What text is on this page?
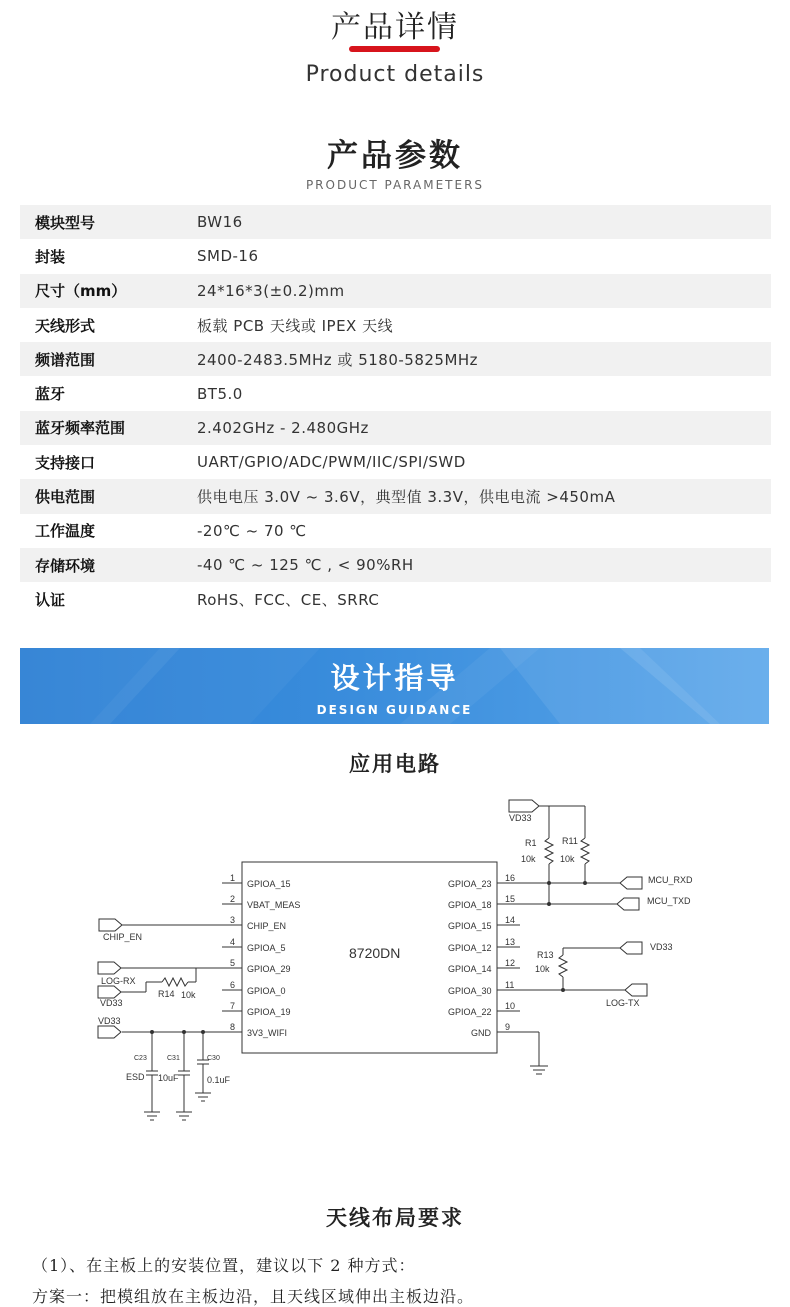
产品详情
Product details
产品参数
PRODUCT PARAMETERS
模块型号	BW16
封装	SMD-16
尺寸（mm）	24*16*3(±0.2)mm
天线形式	板载 PCB 天线或 IPEX 天线
频谱范围	2400-2483.5MHz 或 5180-5825MHz
蓝牙	BT5.0
蓝牙频率范围	2.402GHz - 2.480GHz
支持接口	UART/GPIO/ADC/PWM/IIC/SPI/SWD
供电范围	供电电压 3.0V ~ 3.6V，典型值 3.3V，供电电流 >450mA
工作温度	-20℃ ~ 70 ℃
存储环境	-40 ℃ ~ 125 ℃ , < 90%RH
认证	RoHS、FCC、CE、SRRC
设计指导
DESIGN GUIDANCE
应用电路
8720DN
1
2
3
4
5
6
7
8
GPIOA_15
VBAT_MEAS
CHIP_EN
GPIOA_5
GPIOA_29
GPIOA_0
GPIOA_19
3V3_WIFI
16
15
14
13
12
11
10
9
GPIOA_23
GPIOA_18
GPIOA_15
GPIOA_12
GPIOA_14
GPIOA_30
GPIOA_22
GND
VD33
R1
10k
R11
10k
MCU_RXD
MCU_TXD
VD33
R13
10k
LOG-TX
CHIP_EN
LOG-RX
VD33
R14 10k
VD33
C23	C31	C30
ESD 10uF	0.1uF
天线布局要求
（1）、在主板上的安装位置，建议以下 2 种方式：
方案一：把模组放在主板边沿，且天线区域伸出主板边沿。
